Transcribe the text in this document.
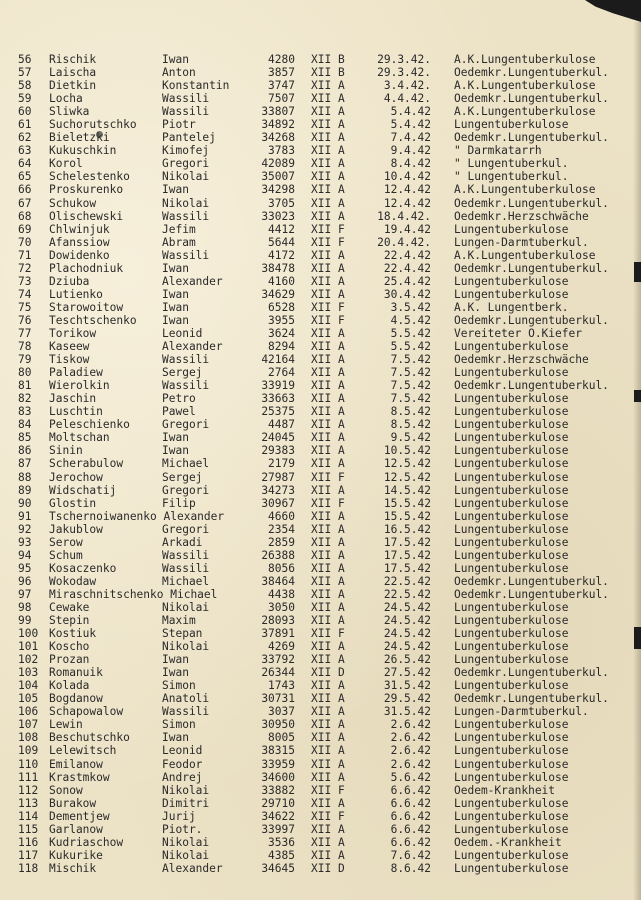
56 Rischik	Iwan	4280 XII B	29.3.42. A.K.Lungentuberkulose
57 Laischa	Anton	3857 XII B	29.3.42. Oedemkr.Lungentuberkul.
58 Dietkin	Konstantin	3747 XII A	3.4.42. A.K.Lungentuberkulose
59 Locha	Wassili	7507 XII A	4.4.42. Oedemkr.Lungentuberkul.
60 Sliwka	Wassili	33807 XII A	5.4.42 A.K.Lungentuberkulose
61 Suchorutschko Piotr	34892 XII A	5.4.42 Lungentuberkulose
62 Bieletzki	Pantelej	34268 XII A	7.4.42 Oedemkr.Lungentuberkul.
63 Kukuschkin	Kimofej	3783 XII A	9.4.42 " Darmkatarrh
64 Korol	Gregori	42089 XII A	8.4.42 " Lungentuberkul.
65 Schelestenko	Nikolai	35007 XII A	10.4.42 " Lungentuberkul.
66 Proskurenko	Iwan	34298 XII A	12.4.42 A.K.Lungentuberkulose
67 Schukow	Nikolai	3705 XII A	12.4.42 Oedemkr.Lungentuberkul.
68 Olischewski	Wassili	33023 XII A	18.4.42. Oedemkr.Herzschwäche
69 Chlwinjuk	Jefim	4412 XII F	19.4.42 Lungentuberkulose
70 Afanssiow	Abram	5644 XII F	20.4.42. Lungen-Darmtuberkul.
71 Dowidenko	Wassili	4172 XII A	22.4.42 A.K.Lungentuberkulose
72 Plachodniuk	Iwan	38478 XII A	22.4.42 Oedemkr.Lungentuberkul.
73 Dziuba	Alexander	4160 XII A	25.4.42 Lungentuberkulose
74 Lutienko	Iwan	34629 XII A	30.4.42 Lungentuberkulose
75 Starowoitow	Iwan	6528 XII F	3.5.42 A.K. Lungentberk.
76 Teschtschenko Iwan	3955 XII F	4.5.42 Oedemkr.Lungentuberkul.
77 Torikow	Leonid	3624 XII A	5.5.42 Vereiteter O.Kiefer
78 Kaseew	Alexander	8294 XII A	5.5.42 Lungentuberkulose
79 Tiskow	Wassili	42164 XII A	7.5.42 Oedemkr.Herzschwäche
80 Paladiew	Sergej	2764 XII A	7.5.42 Lungentuberkulose
81 Wierolkin	Wassili	33919 XII A	7.5.42 Oedemkr.Lungentuberkul.
82 Jaschin	Petro	33663 XII A	7.5.42 Lungentuberkulose
83 Luschtin	Pawel	25375 XII A	8.5.42 Lungentuberkulose
84 Peleschienko	Gregori	4487 XII A	8.5.42 Lungentuberkulose
85 Moltschan	Iwan	24045 XII A	9.5.42 Lungentuberkulose
86 Sinin	Iwan	29383 XII A	10.5.42 Lungentuberkulose
87 Scherabulow	Michael	2179 XII A	12.5.42 Lungentuberkulose
88 Jerochow	Sergej	27987 XII F	12.5.42 Lungentuberkulose
89 Widschatij	Gregori	34273 XII A	14.5.42 Lungentuberkulose
90 Glostin	Filip	30967 XII F	15.5.42 Lungentuberkulose
91 Tschernoiwanenko Alexander	4660 XII A	15.5.42 Lungentuberkulose
92 Jakublow	Gregori	2354 XII A	16.5.42 Lungentuberkulose
93 Serow	Arkadi	2859 XII A	17.5.42 Lungentuberkulose
94 Schum	Wassili	26388 XII A	17.5.42 Lungentuberkulose
95 Kosaczenko	Wassili	8056 XII A	17.5.42 Lungentuberkulose
96 Wokodaw	Michael	38464 XII A	22.5.42 Oedemkr.Lungentuberkul.
97 Miraschnitschenko Michael	4438 XII A	22.5.42 Oedemkr.Lungentuberkul.
98 Cewake	Nikolai	3050 XII A	24.5.42 Lungentuberkulose
99 Stepin	Maxim	28093 XII A	24.5.42 Lungentuberkulose
100 Kostiuk	Stepan	37891 XII F	24.5.42 Lungentuberkulose
101 Koscho	Nikolai	4269 XII A	24.5.42 Lungentuberkulose
102 Prozan	Iwan	33792 XII A	26.5.42 Lungentuberkulose
103 Romanuik	Iwan	26344 XII D	27.5.42 Oedemkr.Lungentuberkul.
104 Kolada	Simon	1743 XII A	31.5.42 Lungentuberkulose
105 Bogdanow	Anatoli	30731 XII A	29.5.42 Oedemkr.Lungentuberkul.
106 Schapowalow	Wassili	3037 XII A	31.5.42 Lungen-Darmtuberkul.
107 Lewin	Simon	30950 XII A	2.6.42 Lungentuberkulose
108 Beschutschko	Iwan	8005 XII A	2.6.42 Lungentuberkulose
109 Lelewitsch	Leonid	38315 XII A	2.6.42 Lungentuberkulose
110 Emilanow	Feodor	33959 XII A	2.6.42 Lungentuberkulose
111 Krastmkow	Andrej	34600 XII A	5.6.42 Lungentuberkulose
112 Sonow	Nikolai	33882 XII F	6.6.42 Oedem-Krankheit
113 Burakow	Dimitri	29710 XII A	6.6.42 Lungentuberkulose
114 Dementjew	Jurij	34622 XII F	6.6.42 Lungentuberkulose
115 Garlanow	Piotr.	33997 XII A	6.6.42 Lungentuberkulose
116 Kudriaschow	Nikolai	3536 XII A	6.6.42 Oedem.-Krankheit
117 Kukurike	Nikolai	4385 XII A	7.6.42 Lungentuberkulose
118 Mischik	Alexander	34645 XII D	8.6.42 Lungentuberkulose
